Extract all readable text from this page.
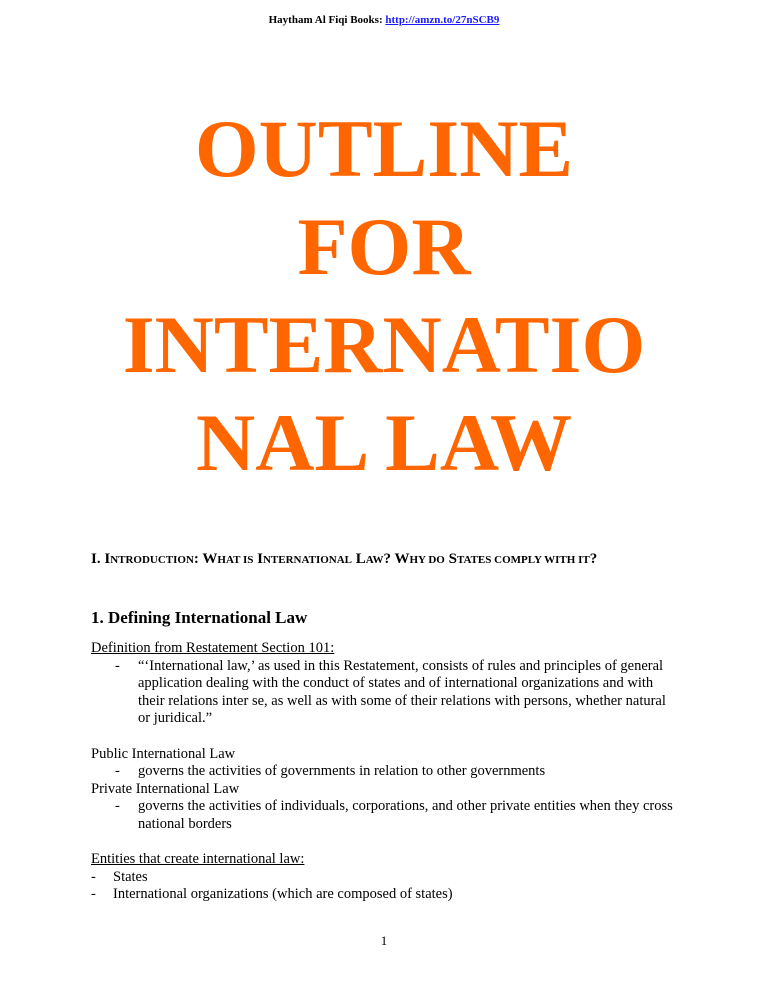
Haytham Al Fiqi Books: http://amzn.to/27nSCB9
OUTLINE
FOR
INTERNATIO
NAL LAW
I. INTRODUCTION: WHAT IS INTERNATIONAL LAW? WHY DO STATES COMPLY WITH IT?
1. Defining International Law
Definition from Restatement Section 101:
-	“‘International law,’ as used in this Restatement, consists of rules and principles of general application dealing with the conduct of states and of international organizations and with their relations inter se, as well as with some of their relations with persons, whether natural or juridical.”
Public International Law
-	governs the activities of governments in relation to other governments
Private International Law
-	governs the activities of individuals, corporations, and other private entities when they cross national borders
Entities that create international law:
-	States
-	International organizations (which are composed of states)
1
